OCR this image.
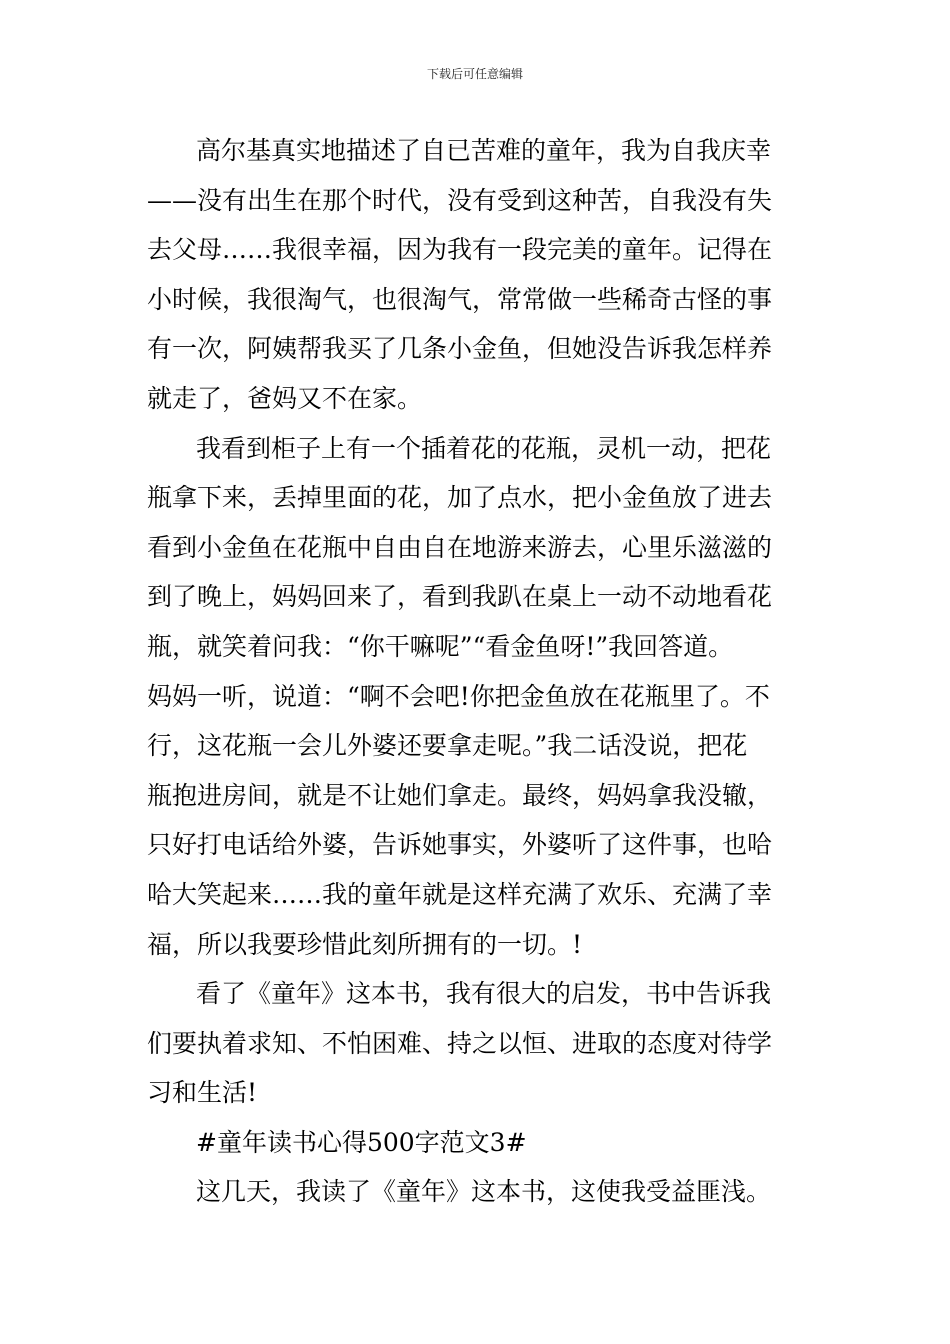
下载后可任意编辑
高尔基真实地描述了自已苦难的童年，我为自我庆幸
——没有出生在那个时代，没有受到这种苦，自我没有失
去父母……我很幸福，因为我有一段完美的童年。记得在
小时候，我很淘气，也很淘气，常常做一些稀奇古怪的事
有一次，阿姨帮我买了几条小金鱼，但她没告诉我怎样养
就走了，爸妈又不在家。
我看到柜子上有一个插着花的花瓶，灵机一动，把花
瓶拿下来，丢掉里面的花，加了点水，把小金鱼放了进去
看到小金鱼在花瓶中自由自在地游来游去，心里乐滋滋的
到了晚上，妈妈回来了，看到我趴在桌上一动不动地看花
瓶，就笑着问我：“你干嘛呢”“看金鱼呀!”我回答道。
妈妈一听，说道：“啊不会吧!你把金鱼放在花瓶里了。不
行，这花瓶一会儿外婆还要拿走呢。”我二话没说，把花
瓶抱进房间，就是不让她们拿走。最终，妈妈拿我没辙，
只好打电话给外婆，告诉她事实，外婆听了这件事，也哈
哈大笑起来……我的童年就是这样充满了欢乐、充满了幸
福，所以我要珍惜此刻所拥有的一切。!
看了《童年》这本书，我有很大的启发，书中告诉我
们要执着求知、不怕困难、持之以恒、进取的态度对待学
习和生活!
#童年读书心得500字范文3#
这几天，我读了《童年》这本书，这使我受益匪浅。
